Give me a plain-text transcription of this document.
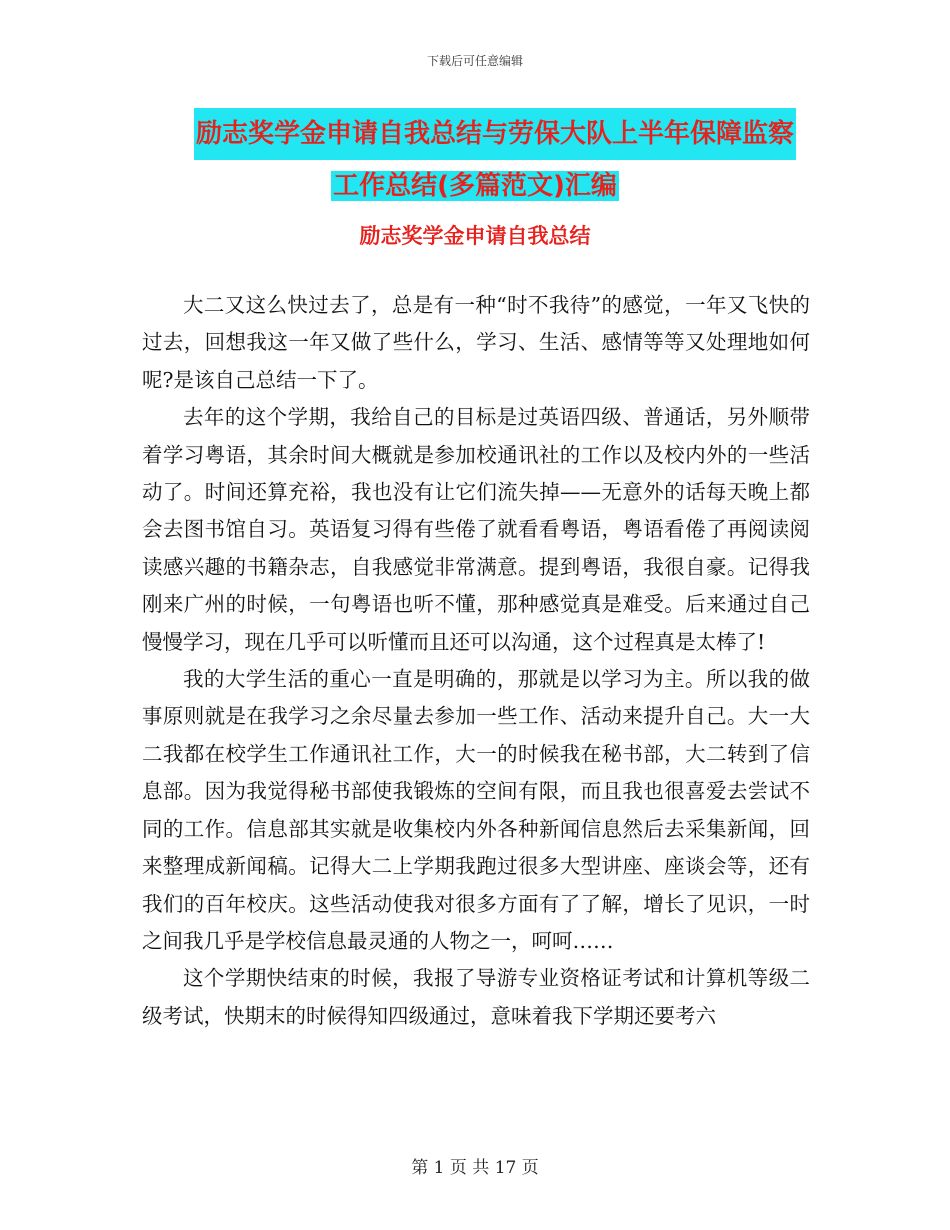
下载后可任意编辑
励志奖学金申请自我总结与劳保大队上半年保障监察
工作总结(多篇范文)汇编
励志奖学金申请自我总结

大二又这么快过去了，总是有一种“时不我待”的感觉，一年又飞快的过去，回想我这一年又做了些什么，学习、生活、感情等等又处理地如何呢?是该自己总结一下了。

去年的这个学期，我给自己的目标是过英语四级、普通话，另外顺带着学习粤语，其余时间大概就是参加校通讯社的工作以及校内外的一些活动了。时间还算充裕，我也没有让它们流失掉——无意外的话每天晚上都会去图书馆自习。英语复习得有些倦了就看看粤语，粤语看倦了再阅读阅读感兴趣的书籍杂志，自我感觉非常满意。提到粤语，我很自豪。记得我刚来广州的时候，一句粤语也听不懂，那种感觉真是难受。后来通过自己慢慢学习，现在几乎可以听懂而且还可以沟通，这个过程真是太棒了!

我的大学生活的重心一直是明确的，那就是以学习为主。所以我的做事原则就是在我学习之余尽量去参加一些工作、活动来提升自己。大一大二我都在校学生工作通讯社工作，大一的时候我在秘书部，大二转到了信息部。因为我觉得秘书部使我锻炼的空间有限，而且我也很喜爱去尝试不同的工作。信息部其实就是收集校内外各种新闻信息然后去采集新闻，回来整理成新闻稿。记得大二上学期我跑过很多大型讲座、座谈会等，还有我们的百年校庆。这些活动使我对很多方面有了了解，增长了见识，一时之间我几乎是学校信息最灵通的人物之一，呵呵……

这个学期快结束的时候，我报了导游专业资格证考试和计算机等级二级考试，快期末的时候得知四级通过，意味着我下学期还要考六

第 1 页 共 17 页
